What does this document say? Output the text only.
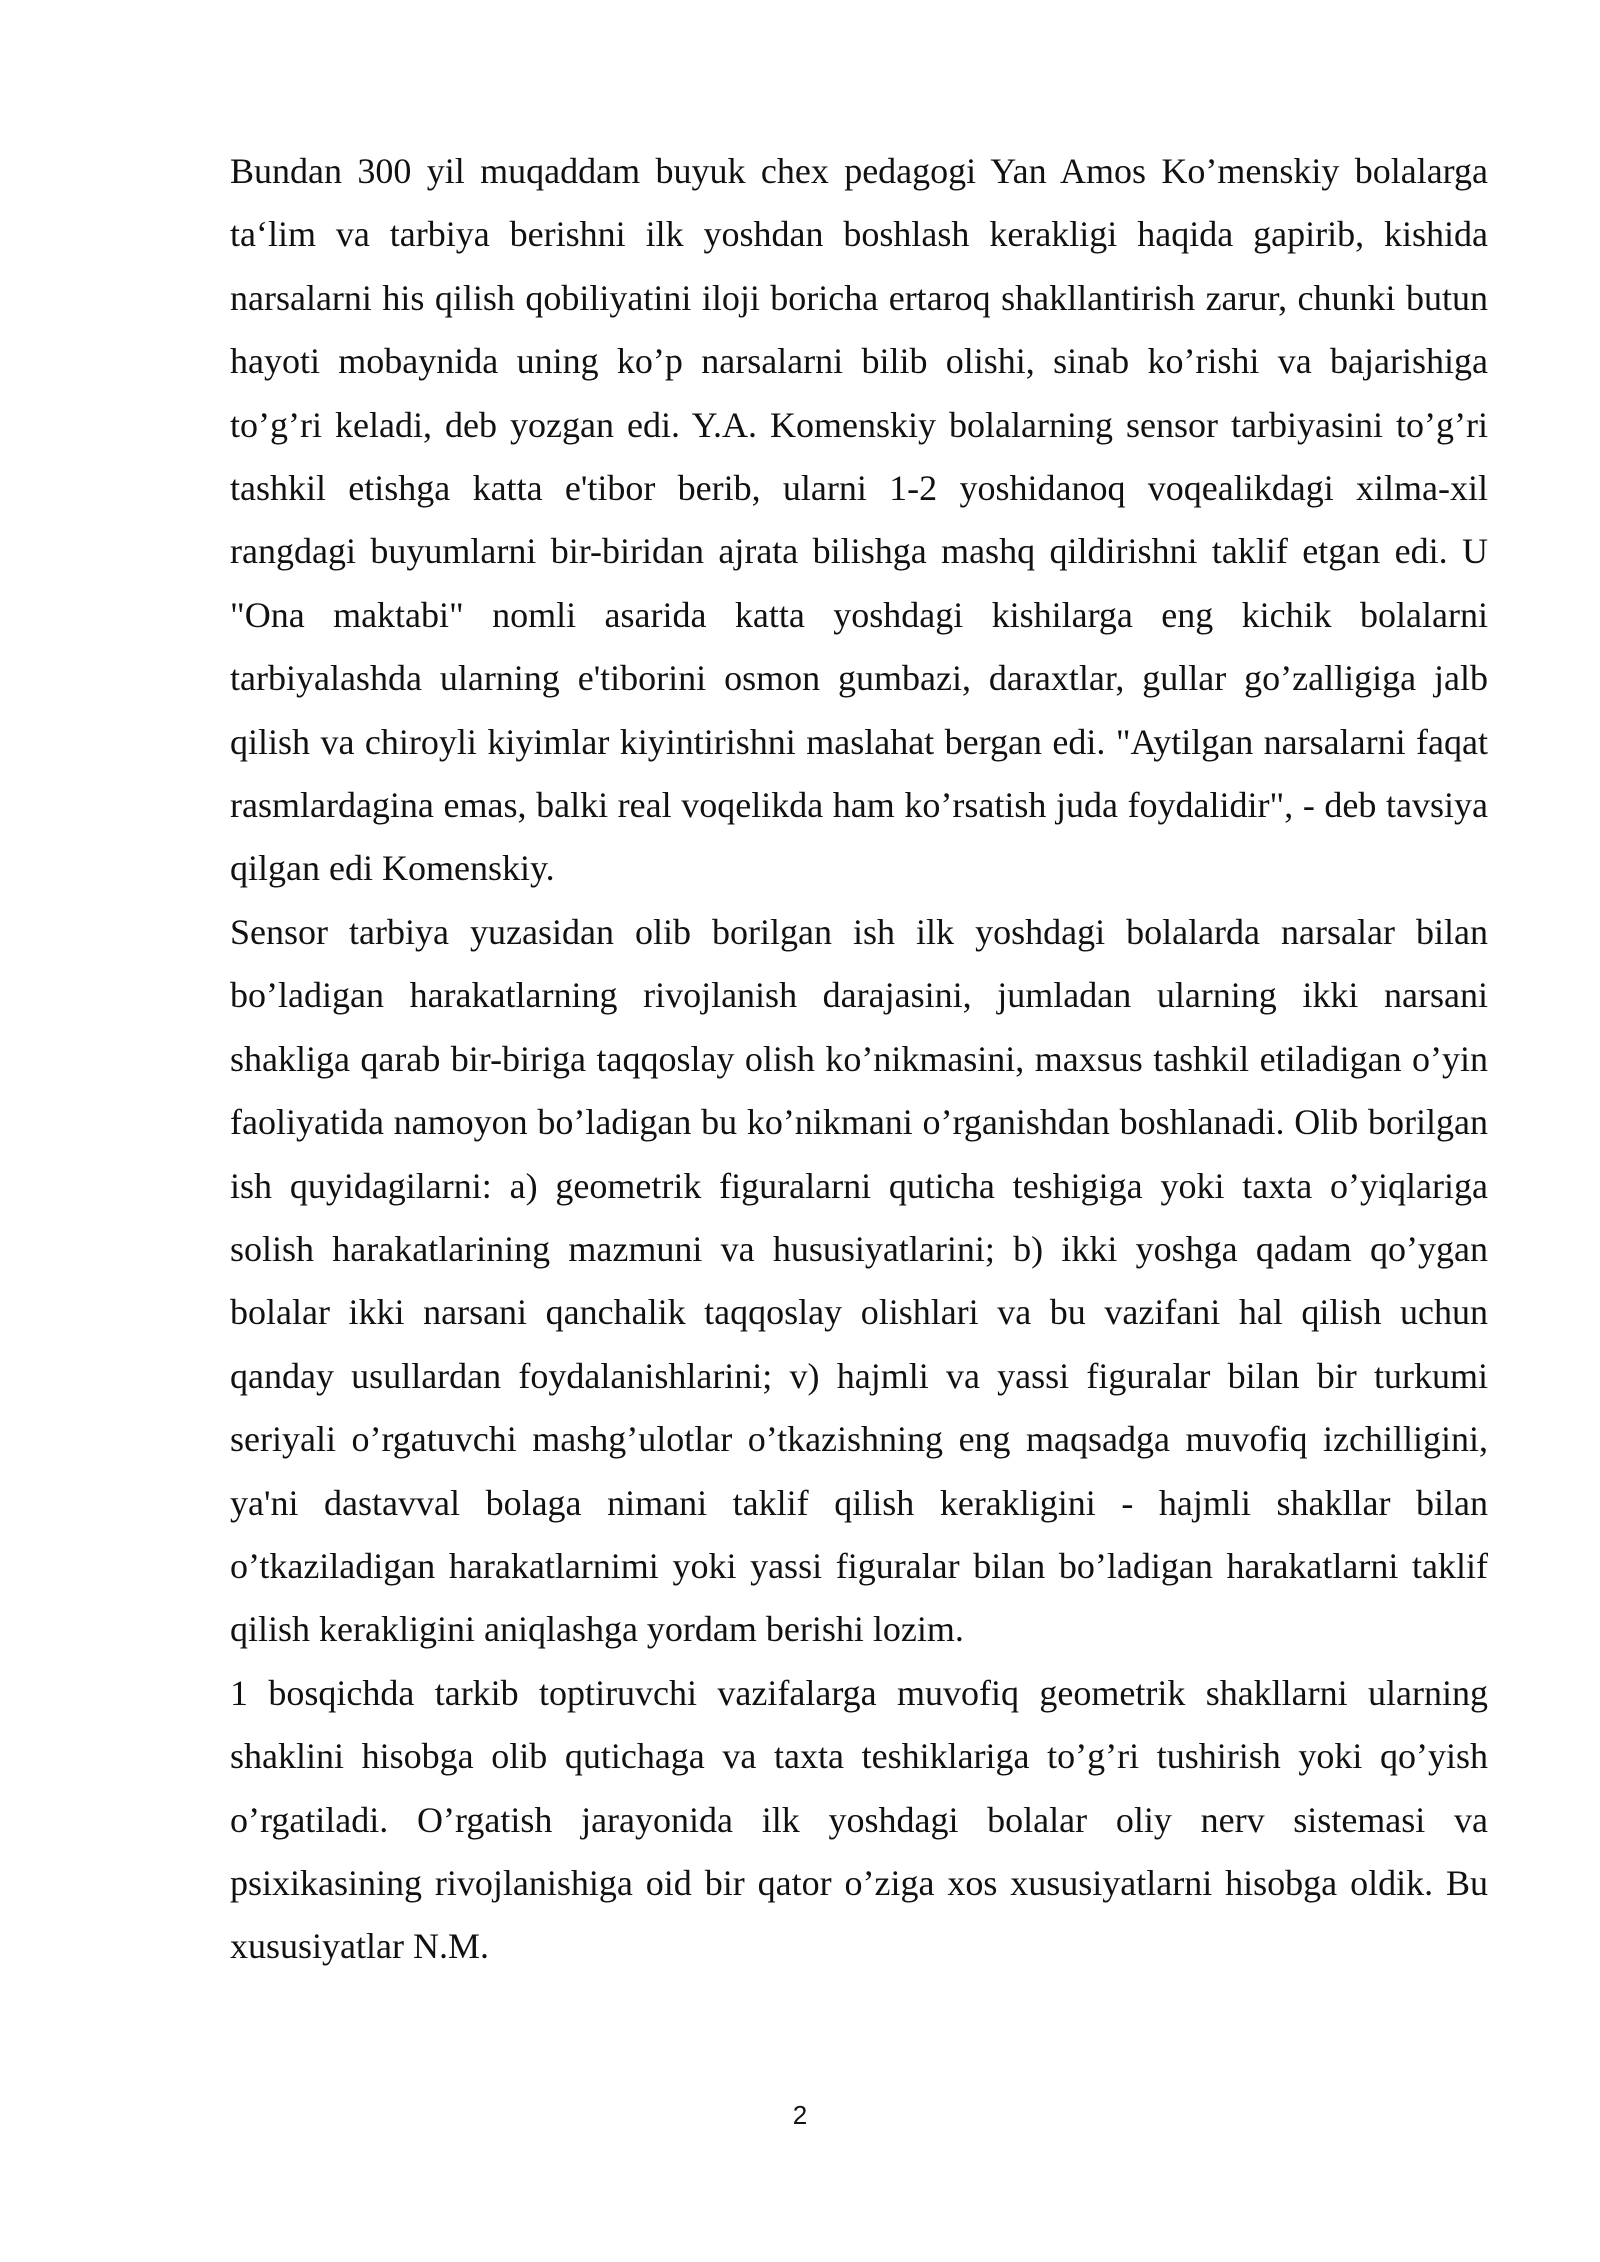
Bundan 300 yil muqaddam buyuk chex pedagogi Yan Amos Ko’menskiy bolalarga ta‘lim va tarbiya berishni ilk yoshdan boshlash kerakligi haqida gapirib, kishida narsalarni his qilish qobiliyatini iloji boricha ertaroq shakllantirish zarur, chunki butun hayoti mobaynida uning ko’p narsalarni bilib olishi, sinab ko’rishi va bajarishiga to’g’ri keladi, deb yozgan edi. Y.A. Komenskiy bolalarning sensor tarbiyasini to’g’ri tashkil etishga katta e'tibor berib, ularni 1-2 yoshidanoq voqealikdagi xilma-xil rangdagi buyumlarni bir-biridan ajrata bilishga mashq qildirishni taklif etgan edi. U "Ona maktabi" nomli asarida katta yoshdagi kishilarga eng kichik bolalarni tarbiyalashda ularning e'tiborini osmon gumbazi, daraxtlar, gullar go’zalligiga jalb qilish va chiroyli kiyimlar kiyintirishni maslahat bergan edi. "Aytilgan narsalarni faqat rasmlardagina emas, balki real voqelikda ham ko’rsatish juda foydalidir", - deb tavsiya qilgan edi Komenskiy.

Sensor tarbiya yuzasidan olib borilgan ish ilk yoshdagi bolalarda narsalar bilan bo’ladigan harakatlarning rivojlanish darajasini, jumladan ularning ikki narsani shakliga qarab bir-biriga taqqoslay olish ko’nikmasini, maxsus tashkil etiladigan o’yin faoliyatida namoyon bo’ladigan bu ko’nikmani o’rganishdan boshlanadi. Olib borilgan ish quyidagilarni: a) geometrik figuralarni quticha teshigiga yoki taxta o’yiqlariga solish harakatlarining mazmuni va hususiyatlarini; b) ikki yoshga qadam qo’ygan bolalar ikki narsani qanchalik taqqoslay olishlari va bu vazifani hal qilish uchun qanday usullardan foydalanishlarini; v) hajmli va yassi figuralar bilan bir turkumi seriyali o’rgatuvchi mashg’ulotlar o’tkazishning eng maqsadga muvofiq izchilligini, ya'ni dastavval bolaga nimani taklif qilish kerakligini - hajmli shakllar bilan o’tkaziladigan harakatlarnimi yoki yassi figuralar bilan bo’ladigan harakatlarni taklif qilish kerakligini aniqlashga yordam berishi lozim.

1 bosqichda tarkib toptiruvchi vazifalarga muvofiq geometrik shakllarni ularning shaklini hisobga olib qutichaga va taxta teshiklariga to’g’ri tushirish yoki qo’yish o’rgatiladi. O’rgatish jarayonida ilk yoshdagi bolalar oliy nerv sistemasi va psixikasining rivojlanishiga oid bir qator o’ziga xos xususiyatlarni hisobga oldik. Bu xususiyatlar N.M.

2
